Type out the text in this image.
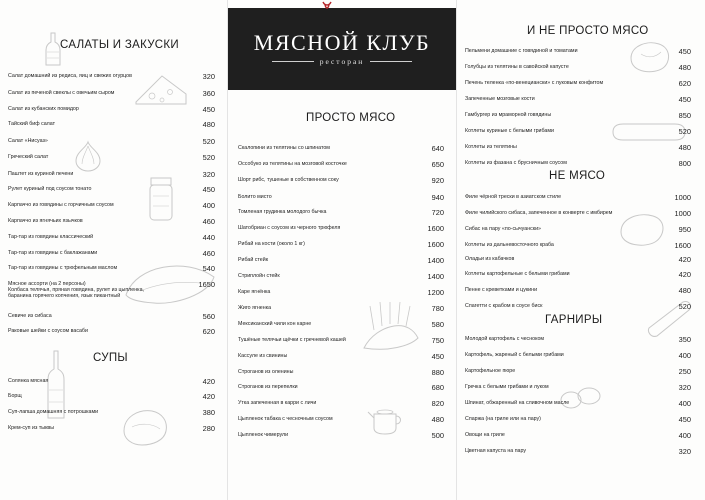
САЛАТЫ И ЗАКУСКИ
Салат домашний из редиса, яиц и свежих огурцов	320
Салат из печеной свеклы с овечьим сыром	360
Салат из кубанских помидор	450
Тайский биф салат	480
Салат «Нисуаз»	520
Греческий салат	520
Паштет из куриной печени	320
Рулет куриный под соусом тонато	450
Карпаччо из говядины с горчичным соусом	400
Карпаччо из ягнячьих язычков	460
Тар-тар из говядины классический	440
Тар-тар из говядины с баклажанами	460
Тар-тар из говядины с трюфельным маслом	540
Мясное ассорти (на 2 персоны)
Колбаса телячья, пряная говядина, рулет из цыпленка,
баранина горячего копчения, язык пикантный
1650
Севиче из сибаса	560
Раковые шейки с соусом васаби	620
СУПЫ
Солянка мясная	420
Борщ	420
Суп-лапша домашняя с потрошками	380
Крем-суп из тыквы	280
МЯСНОЙ КЛУБ
ресторан
ПРОСТО МЯСО
Скалопини из телятины со шпинатом	640
Оссобуко из телятины на мозговой косточке	650
Шорт рибс, тушеные в собственном соку	920
Болито мисто	940
Томленая грудинка молодого бычка	720
Шатобриан с соусом из черного трюфеля	1600
Рибай на кости (около 1 кг)	1600
Рибай стейк	1400
Стриплойн стейк	1400
Каре ягнёнка	1200
Жиго ягненка	780
Мексиканский чили кон карне	580
Тушёные телячьи щёчки с гречневой кашей	750
Кассуле из свинины	450
Строганов из оленины	880
Строганов из перепелки	680
Утка запеченная в карри с личи	820
Цыпленок табака с чесночным соусом	480
Цыпленок чимерули	500
И НЕ ПРОСТО МЯСО
Пельмени домашние с говядиной и томатами	450
Голубцы из телятины в савойской капусте	480
Печень теленка «по-венециански» с луковым конфитом	620
Запеченные мозговые кости	450
Гамбургер из мраморной говядины	850
Котлеты куриные с белыми грибами	520
Котлеты из телятины	480
Котлеты из фазана с брусничным соусом	800
НЕ МЯСО
Филе чёрной трески в азиатском стиле	1000
Филе чилийского сибаса, запеченное в конверте с имбирем	1000
Сибас на пару «по-сычуански»	950
Котлеты из дальневосточного краба	1600
Оладьи из кабачков	420
Котлеты картофельные с белыми грибами	420
Пенне с креветками и цукини	480
Спагетти с крабом в соусе биск	520
ГАРНИРЫ
Молодой картофель с чесноком	350
Картофель, жареный с белыми грибами	400
Картофельное пюре	250
Гречка с белыми грибами и луком	320
Шпинат, обжаренный на сливочном масле	400
Спаржа (на гриле или на пару)	450
Овощи на гриле	400
Цветная капуста на пару	320
